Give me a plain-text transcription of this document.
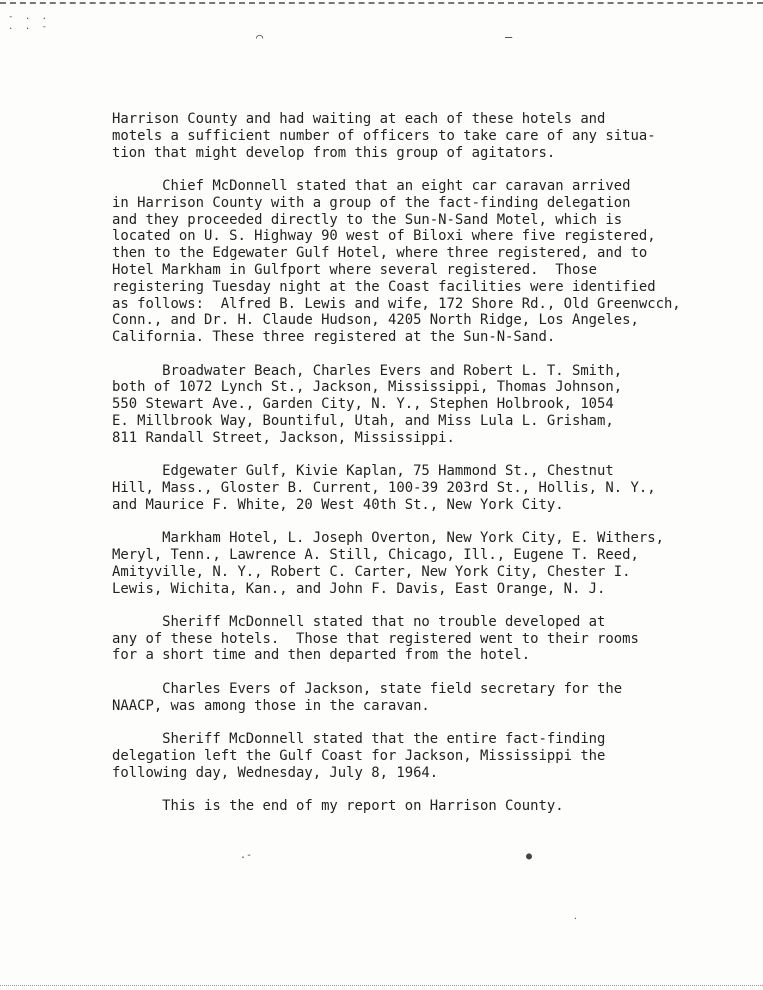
- . .
. . -
⌒	—
Harrison County and had waiting at each of these hotels and
motels a sufficient number of officers to take care of any situa-
tion that might develop from this group of agitators.
Chief McDonnell stated that an eight car caravan arrived
in Harrison County with a group of the fact-finding delegation
and they proceeded directly to the Sun-N-Sand Motel, which is
located on U. S. Highway 90 west of Biloxi where five registered,
then to the Edgewater Gulf Hotel, where three registered, and to
Hotel Markham in Gulfport where several registered.  Those
registering Tuesday night at the Coast facilities were identified
as follows:  Alfred B. Lewis and wife, 172 Shore Rd., Old Greenwcch,
Conn., and Dr. H. Claude Hudson, 4205 North Ridge, Los Angeles,
California. These three registered at the Sun-N-Sand.
Broadwater Beach, Charles Evers and Robert L. T. Smith,
both of 1072 Lynch St., Jackson, Mississippi, Thomas Johnson,
550 Stewart Ave., Garden City, N. Y., Stephen Holbrook, 1054
E. Millbrook Way, Bountiful, Utah, and Miss Lula L. Grisham,
811 Randall Street, Jackson, Mississippi.
Edgewater Gulf, Kivie Kaplan, 75 Hammond St., Chestnut
Hill, Mass., Gloster B. Current, 100-39 203rd St., Hollis, N. Y.,
and Maurice F. White, 20 West 40th St., New York City.
Markham Hotel, L. Joseph Overton, New York City, E. Withers,
Meryl, Tenn., Lawrence A. Still, Chicago, Ill., Eugene T. Reed,
Amityville, N. Y., Robert C. Carter, New York City, Chester I.
Lewis, Wichita, Kan., and John F. Davis, East Orange, N. J.
Sheriff McDonnell stated that no trouble developed at
any of these hotels.  Those that registered went to their rooms
for a short time and then departed from the hotel.
Charles Evers of Jackson, state field secretary for the
NAACP, was among those in the caravan.
Sheriff McDonnell stated that the entire fact-finding
delegation left the Gulf Coast for Jackson, Mississippi the
following day, Wednesday, July 8, 1964.
This is the end of my report on Harrison County.
.-	●
.
